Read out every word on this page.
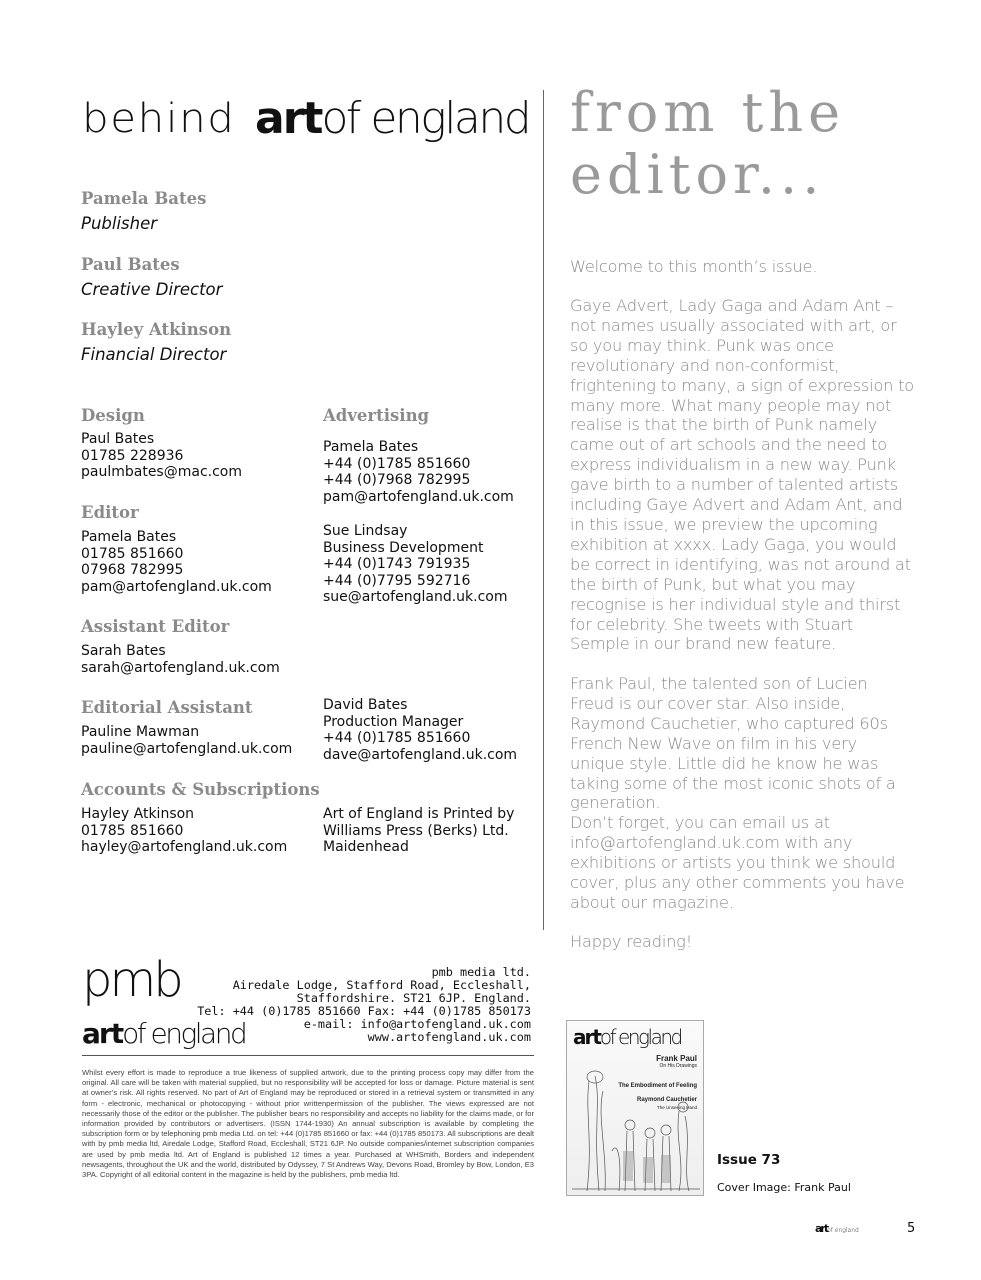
behind artof england
Pamela Bates
Publisher
Paul Bates
Creative Director
Hayley Atkinson
Financial Director
Design
Paul Bates
01785 228936
paulmbates@mac.com
Editor
Pamela Bates
01785 851660
07968 782995
pam@artofengland.uk.com
Assistant Editor
Sarah Bates
sarah@artofengland.uk.com
Editorial Assistant
Pauline Mawman
pauline@artofengland.uk.com
Accounts & Subscriptions
Hayley Atkinson
01785 851660
hayley@artofengland.uk.com
Advertising
Pamela Bates
+44 (0)1785 851660
+44 (0)7968 782995
pam@artofengland.uk.com
Sue Lindsay
Business Development
+44 (0)1743 791935
+44 (0)7795 592716
sue@artofengland.uk.com
David Bates
Production Manager
+44 (0)1785 851660
dave@artofengland.uk.com
Art of England is Printed by
Williams Press (Berks) Ltd.
Maidenhead
from the
editor...
Welcome to this month’s issue.
Gaye Advert, Lady Gaga and Adam Ant – not names usually associated with art, or so you may think. Punk was once revolutionary and non-conformist, frightening to many, a sign of expression to many more. What many people may not realise is that the birth of Punk namely came out of art schools and the need to express individualism in a new way. Punk gave birth to a number of talented artists including Gaye Advert and Adam Ant, and in this issue, we preview the upcoming exhibition at xxxx. Lady Gaga, you would be correct in identifying, was not around at the birth of Punk, but what you may recognise is her individual style and thirst for celebrity. She tweets with Stuart Semple in our brand new feature.
Frank Paul, the talented son of Lucien Freud is our cover star. Also inside, Raymond Cauchetier, who captured 60s French New Wave on film in his very unique style. Little did he know he was taking some of the most iconic shots of a generation.
Don’t forget, you can email us at info@artofengland.uk.com with any exhibitions or artists you think we should cover, plus any other comments you have about our magazine.
Happy reading!
pmb
artof england
pmb media ltd.
Airedale Lodge, Stafford Road, Eccleshall,
Staffordshire. ST21 6JP. England.
Tel: +44 (0)1785 851660 Fax: +44 (0)1785 850173
e-mail: info@artofengland.uk.com
www.artofengland.uk.com
Whilst every effort is made to reproduce a true likeness of supplied artwork, due to the printing process copy may differ from the original. All care will be taken with material supplied, but no responsibility will be accepted for loss or damage. Picture material is sent at owner’s risk. All rights reserved. No part of Art of England may be reproduced or stored in a retrieval system or transmitted in any form - electronic, mechanical or photocopying - without prior writtenpermission of the publisher. The views expressed are not necessarily those of the editor or the publisher. The publisher bears no responsibility and accepts no liability for the claims made, or for information provided by contributors or advertisers. (ISSN 1744-1930) An annual subscription is available by completing the subscription form or by telephoning pmb media Ltd. on tel: +44 (0)1785 851660 or fax: +44 (0)1785 850173. All subscriptions are dealt with by pmb media ltd, Airedale Lodge, Stafford Road, Eccleshall, ST21 6JP. No outside companies/internet subscription companies are used by pmb media ltd. Art of England is published 12 times a year. Purchased at WHSmith, Borders and independent newsagents, throughout the UK and the world, distributed by Odyssey, 7 St Andrews Way, Devons Road, Bromley by Bow, London, E3 3PA. Copyright of all editorial content in the magazine is held by the publishers, pmb media ltd.
artof england
Frank Paul
On His Drawings
The Embodiment of Feeling
Raymond Cauchetier
The Unseeing Hand
Issue 73
Cover Image: Frank Paul
artof england	5
